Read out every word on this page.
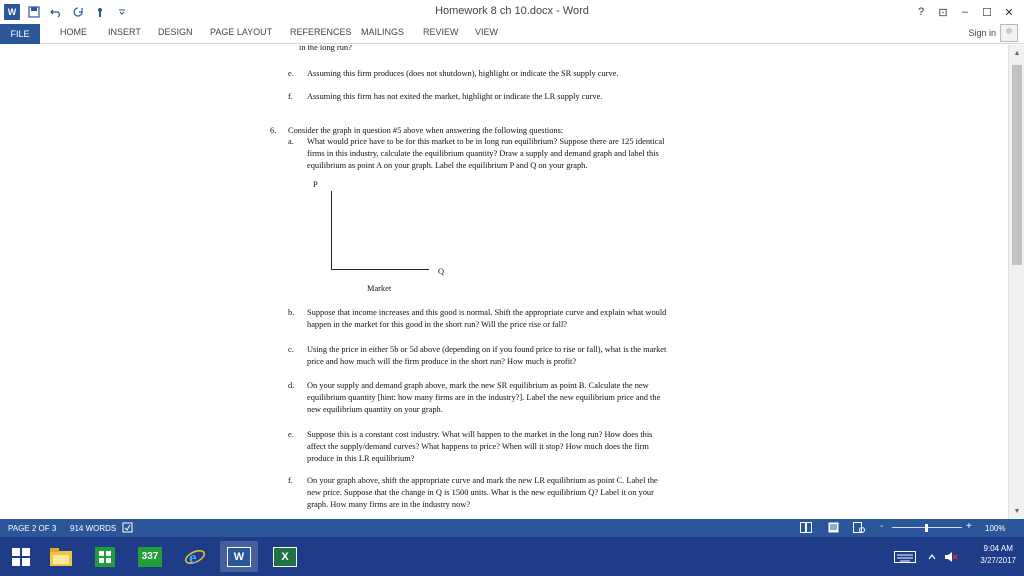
W	Homework 8 ch 10.docx - Word	?	⊡	–	☐	✕
FILE	HOME INSERT DESIGN PAGE LAYOUT REFERENCES MAILINGS REVIEW VIEW	Sign in
in the long run?
e. Assuming this firm produces (does not shutdown), highlight or indicate the SR supply curve.
f. Assuming this firm has not exited the market, highlight or indicate the LR supply curve.
6. Consider the graph in question #5 above when answering the following questions:
a. What would price have to be for this market to be in long run equilibrium? Suppose there are 125 identical
firms in this industry, calculate the equilibrium quantity? Draw a supply and demand graph and label this
equilibrium as point A on your graph. Label the equilibrium P and Q on your graph.
P
Q
Market
b. Suppose that income increases and this good is normal. Shift the appropriate curve and explain what would
happen in the market for this good in the short run? Will the price rise or fall?
c. Using the price in either 5b or 5d above (depending on if you found price to rise or fall), what is the market
price and how much will the firm produce in the short run? How much is profit?
d. On your supply and demand graph above, mark the new SR equilibrium as point B. Calculate the new
equilibrium quantity [hint: how many firms are in the industry?]. Label the new equilibrium price and the
new equilibrium quantity on your graph.
e. Suppose this is a constant cost industry. What will happen to the market in the long run? How does this
affect the supply/demand curves? What happens to price? When will it stop? How much does the firm
produce in this LR equilibrium?
f. On your graph above, shift the appropriate curve and mark the new LR equilibrium as point C. Label the
new price. Suppose that the change in Q is 1500 units. What is the new equilibrium Q? Label it on your
graph. How many firms are in the industry now?
▲
▼
PAGE 2 OF 3 914 WORDS	-	+ 100%
337 e	W	X
9:04 AM
3/27/2017
